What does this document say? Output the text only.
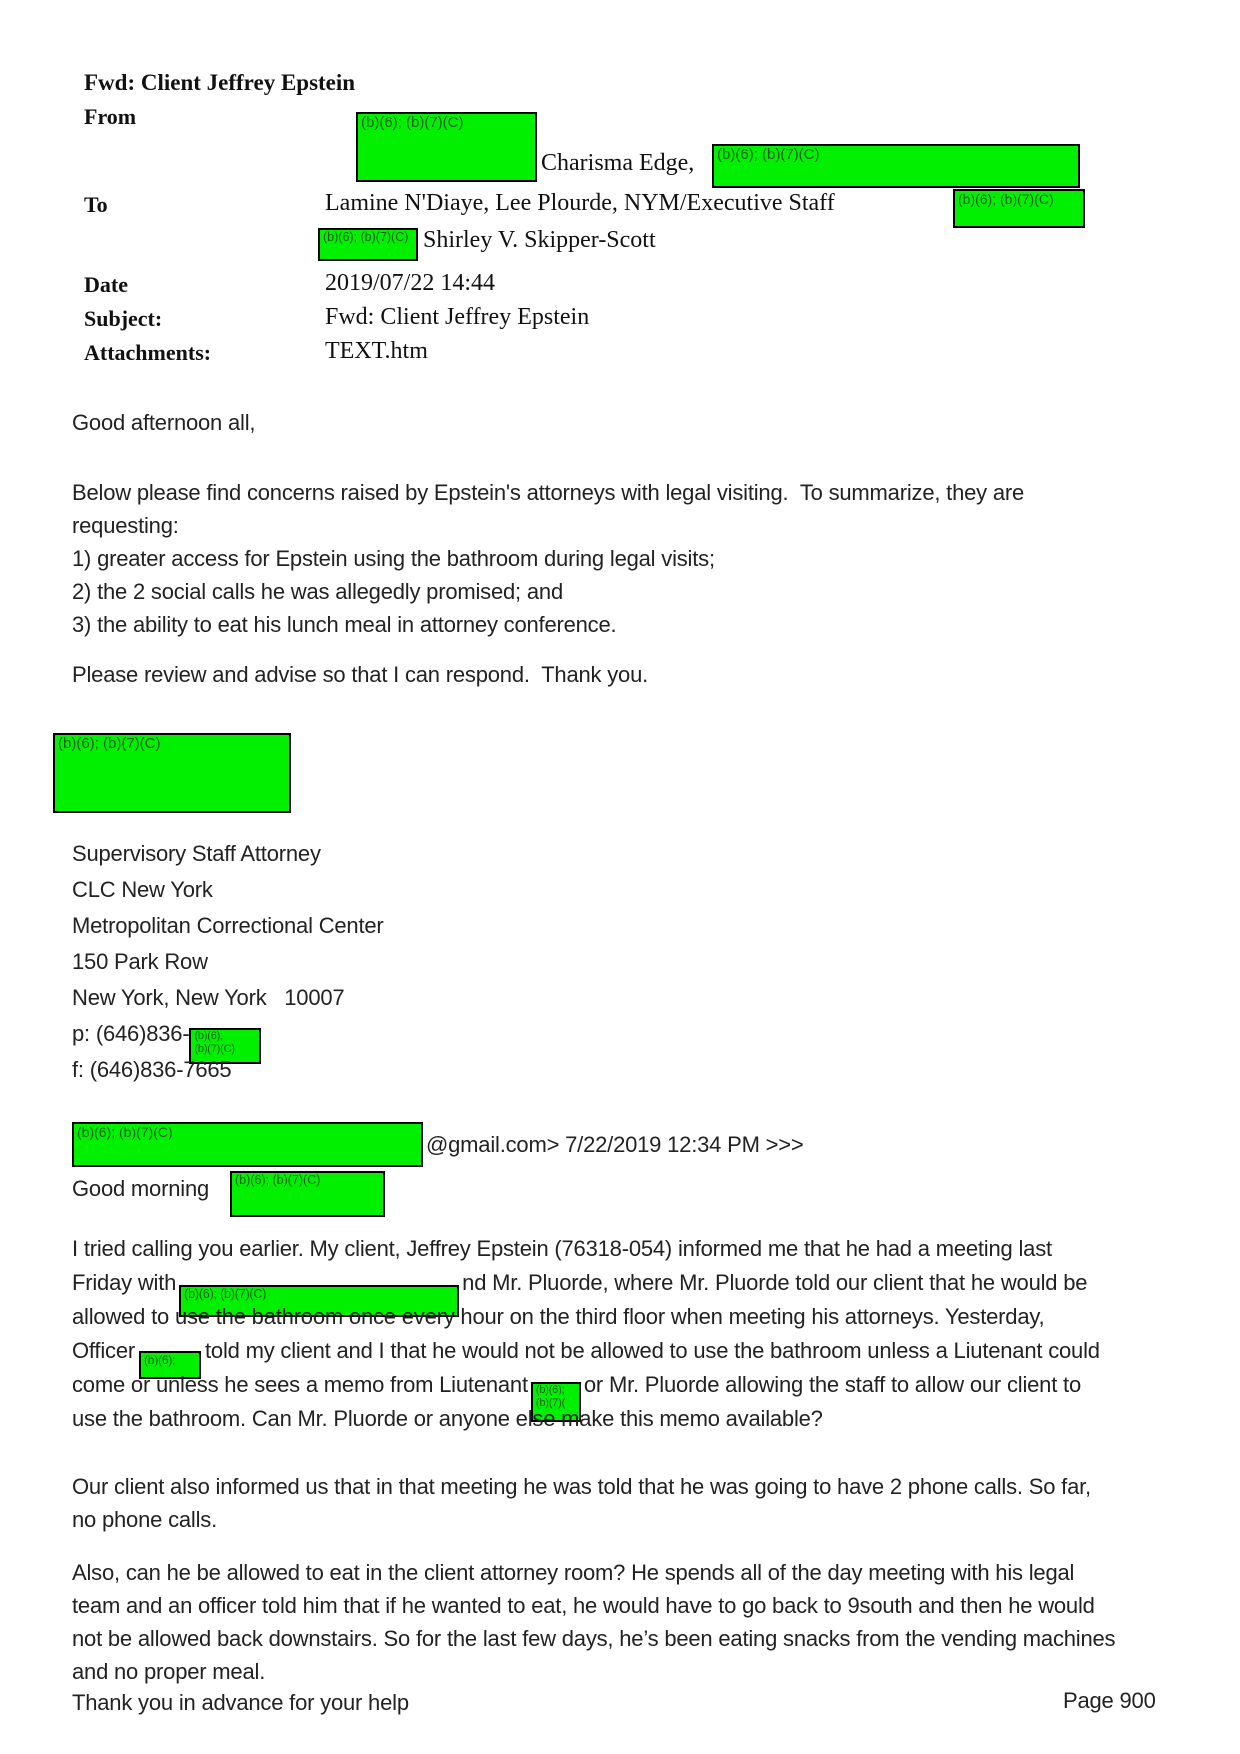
Fwd: Client Jeffrey Epstein
From	(b)(6); (b)(7)(C)
Charisma Edge, (b)(6); (b)(7)(C)
To	Lamine N'Diaye, Lee Plourde, NYM/Executive Staff	(b)(6); (b)(7)(C)
(b)(6); (b)(7)(C) Shirley V. Skipper-Scott
Date	2019/07/22 14:44
Subject:	Fwd: Client Jeffrey Epstein
Attachments:	TEXT.htm
Good afternoon all,
Below please find concerns raised by Epstein's attorneys with legal visiting.  To summarize, they are
requesting:
1) greater access for Epstein using the bathroom during legal visits;
2) the 2 social calls he was allegedly promised; and
3) the ability to eat his lunch meal in attorney conference.
Please review and advise so that I can respond.  Thank you.
(b)(6); (b)(7)(C)
Supervisory Staff Attorney
CLC New York
Metropolitan Correctional Center
150 Park Row
New York, New York   10007
p: (646)836- (b)(6);
(b)(7)(C)
f: (646)836-7665
(b)(6); (b)(7)(C)	@gmail.com> 7/22/2019 12:34 PM >>>
Good morning (b)(6); (b)(7)(C)
I tried calling you earlier. My client, Jeffrey Epstein (76318-054) informed me that he had a meeting last
Friday with (b)(6); (b)(7)(C)	nd Mr. Pluorde, where Mr. Pluorde told our client that he would be
allowed to use the bathroom once every hour on the third floor when meeting his attorneys. Yesterday,
Officer (b)(6);	told my client and I that he would not be allowed to use the bathroom unless a Liutenant could
come or unless he sees a memo from Liutenant (b)(6);
(b)(7)(
or Mr. Pluorde allowing the staff to allow our client to
use the bathroom. Can Mr. Pluorde or anyone else make this memo available?
Our client also informed us that in that meeting he was told that he was going to have 2 phone calls. So far,
no phone calls.
Also, can he be allowed to eat in the client attorney room? He spends all of the day meeting with his legal
team and an officer told him that if he wanted to eat, he would have to go back to 9south and then he would
not be allowed back downstairs. So for the last few days, he’s been eating snacks from the vending machines
and no proper meal.
Thank you in advance for your help	Page 900
